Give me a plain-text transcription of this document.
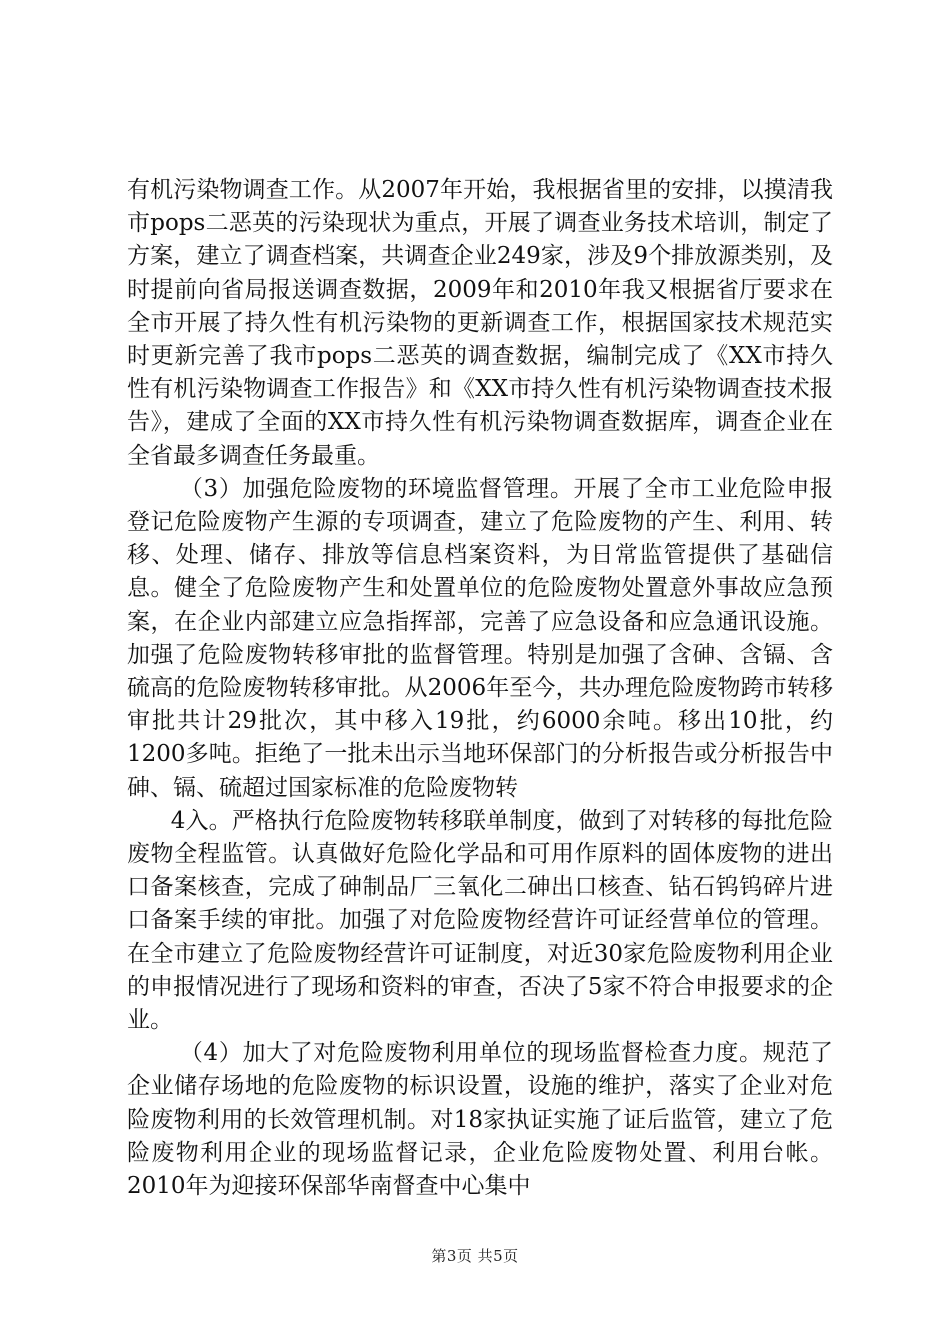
有机污染物调查工作。从2007年开始，我根据省里的安排，以摸清我市pops二恶英的污染现状为重点，开展了调查业务技术培训，制定了方案，建立了调查档案，共调查企业249家，涉及9个排放源类别，及时提前向省局报送调查数据，2009年和2010年我又根据省厅要求在全市开展了持久性有机污染物的更新调查工作，根据国家技术规范实时更新完善了我市pops二恶英的调查数据，编制完成了《XX市持久性有机污染物调查工作报告》和《XX市持久性有机污染物调查技术报告》，建成了全面的XX市持久性有机污染物调查数据库，调查企业在全省最多调查任务最重。

（3）加强危险废物的环境监督管理。开展了全市工业危险申报登记危险废物产生源的专项调查，建立了危险废物的产生、利用、转移、处理、储存、排放等信息档案资料，为日常监管提供了基础信息。健全了危险废物产生和处置单位的危险废物处置意外事故应急预案，在企业内部建立应急指挥部，完善了应急设备和应急通讯设施。加强了危险废物转移审批的监督管理。特别是加强了含砷、含镉、含硫高的危险废物转移审批。从2006年至今，共办理危险废物跨市转移审批共计29批次，其中移入19批，约6000余吨。移出10批，约1200多吨。拒绝了一批未出示当地环保部门的分析报告或分析报告中砷、镉、硫超过国家标准的危险废物转

4入。严格执行危险废物转移联单制度，做到了对转移的每批危险废物全程监管。认真做好危险化学品和可用作原料的固体废物的进出口备案核查，完成了砷制品厂三氧化二砷出口核查、钻石钨钨碎片进口备案手续的审批。加强了对危险废物经营许可证经营单位的管理。在全市建立了危险废物经营许可证制度，对近30家危险废物利用企业的申报情况进行了现场和资料的审查，否决了5家不符合申报要求的企业。

（4）加大了对危险废物利用单位的现场监督检查力度。规范了企业储存场地的危险废物的标识设置，设施的维护，落实了企业对危险废物利用的长效管理机制。对18家执证实施了证后监管，建立了危险废物利用企业的现场监督记录，企业危险废物处置、利用台帐。2010年为迎接环保部华南督查中心集中

第3页 共5页
